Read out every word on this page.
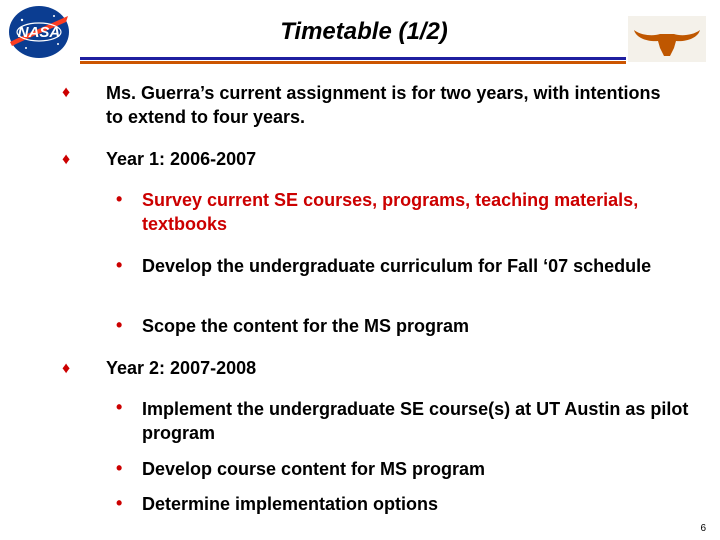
NASA	Timetable (1/2)
♦ Ms. Guerra’s current assignment is for two years, with intentions to extend to four years.
♦ Year 1: 2006-2007
• Survey current SE courses, programs, teaching materials, textbooks
• Develop the undergraduate curriculum for Fall ‘07 schedule
• Scope the content for the MS program
♦ Year 2: 2007-2008
• Implement the undergraduate SE course(s) at UT Austin as pilot program
• Develop course content for MS program
• Determine implementation options
6
